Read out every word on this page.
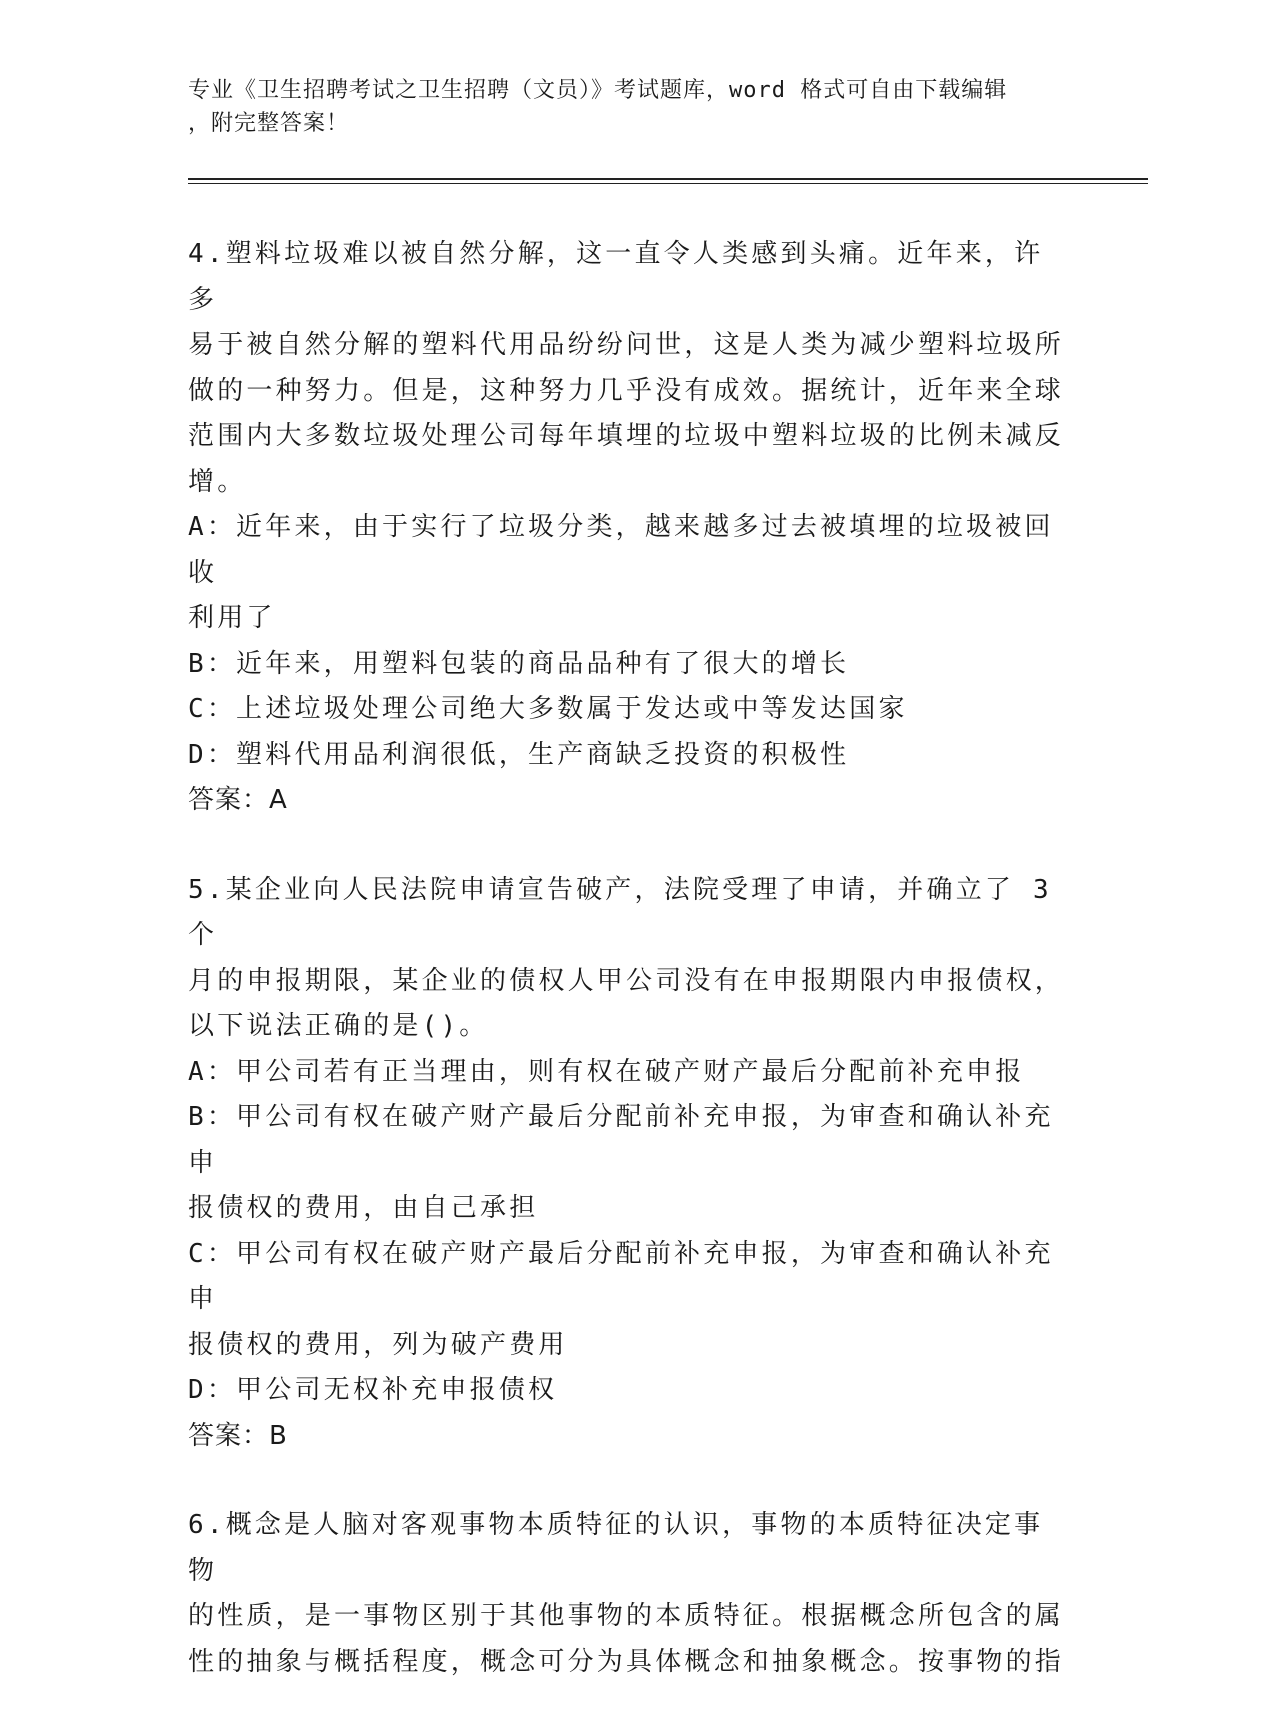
专业《卫生招聘考试之卫生招聘（文员）》考试题库，word 格式可自由下载编辑
，附完整答案！

4.塑料垃圾难以被自然分解，这一直令人类感到头痛。近年来，许多

易于被自然分解的塑料代用品纷纷问世，这是人类为减少塑料垃圾所

做的一种努力。但是，这种努力几乎没有成效。据统计，近年来全球

范围内大多数垃圾处理公司每年填埋的垃圾中塑料垃圾的比例未减反

增。

A：近年来，由于实行了垃圾分类，越来越多过去被填埋的垃圾被回收

利用了

B：近年来，用塑料包装的商品品种有了很大的增长

C：上述垃圾处理公司绝大多数属于发达或中等发达国家

D：塑料代用品利润很低，生产商缺乏投资的积极性

答案：A

5.某企业向人民法院申请宣告破产，法院受理了申请，并确立了 3 个

月的申报期限，某企业的债权人甲公司没有在申报期限内申报债权，

以下说法正确的是()。

A：甲公司若有正当理由，则有权在破产财产最后分配前补充申报

B：甲公司有权在破产财产最后分配前补充申报，为审查和确认补充申

报债权的费用，由自己承担

C：甲公司有权在破产财产最后分配前补充申报，为审查和确认补充申

报债权的费用，列为破产费用

D：甲公司无权补充申报债权

答案：B

6.概念是人脑对客观事物本质特征的认识，事物的本质特征决定事物

的性质，是一事物区别于其他事物的本质特征。根据概念所包含的属

性的抽象与概括程度，概念可分为具体概念和抽象概念。按事物的指
